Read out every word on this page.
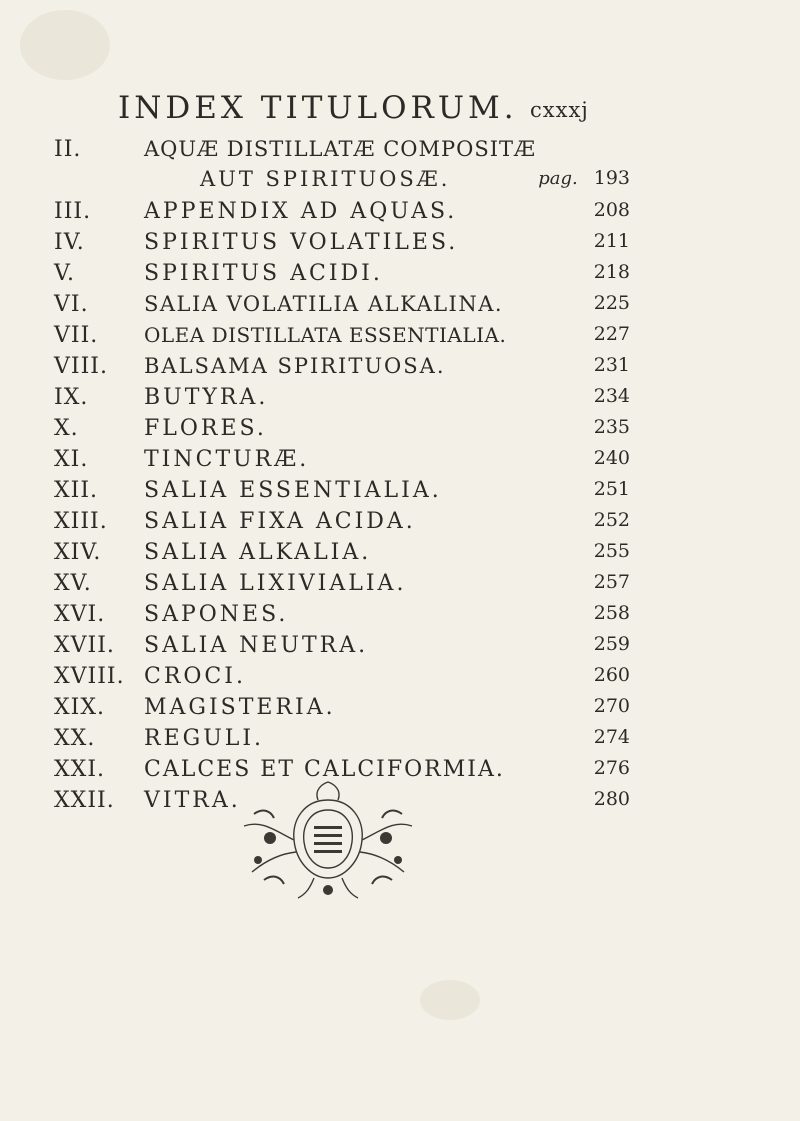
INDEX TITULORUM. cxxxj
II.	AQUÆ DISTILLATÆ COMPOSITÆ
AUT SPIRITUOSÆ.	pag. 193
III. APPENDIX AD AQUAS.	208
IV.	SPIRITUS VOLATILES.	211
V.	SPIRITUS ACIDI.	218
VI.	SALIA VOLATILIA ALKALINA.	225
VII. OLEA DISTILLATA ESSENTIALIA.	227
VIII. BALSAMA SPIRITUOSA.	231
IX.	BUTYRA.	234
X.	FLORES.	235
XI.	TINCTURÆ.	240
XII. SALIA ESSENTIALIA.	251
XIII. SALIA FIXA ACIDA.	252
XIV. SALIA ALKALIA.	255
XV. SALIA LIXIVIALIA.	257
XVI. SAPONES.	258
XVII. SALIA NEUTRA.	259
XVIII. CROCI.	260
XIX. MAGISTERIA.	270
XX. REGULI.	274
XXI. CALCES ET CALCIFORMIA.	276
XXII. VITRA.	280
